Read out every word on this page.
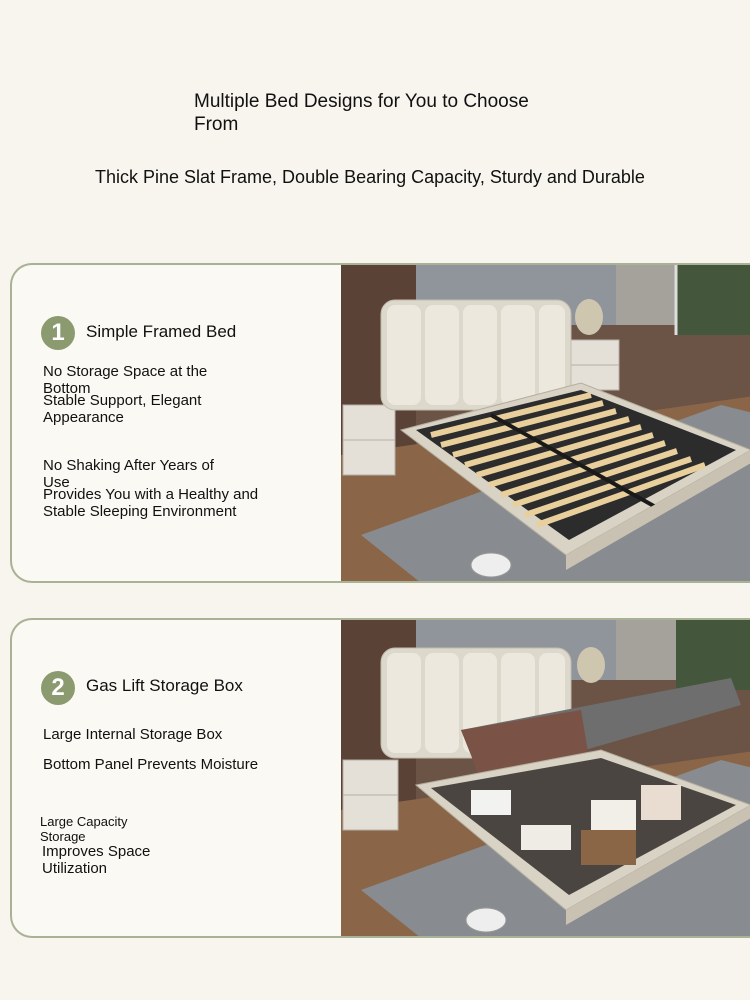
Multiple Bed Designs for You to Choose From
Thick Pine Slat Frame, Double Bearing Capacity, Sturdy and Durable
1	Simple Framed Bed
No Storage Space at the Bottom
Stable Support, Elegant Appearance
No Shaking After Years of Use
Provides You with a Healthy and Stable Sleeping Environment
2	Gas Lift Storage Box
Large Internal Storage Box
Bottom Panel Prevents Moisture
Large Capacity Storage
Improves Space Utilization
